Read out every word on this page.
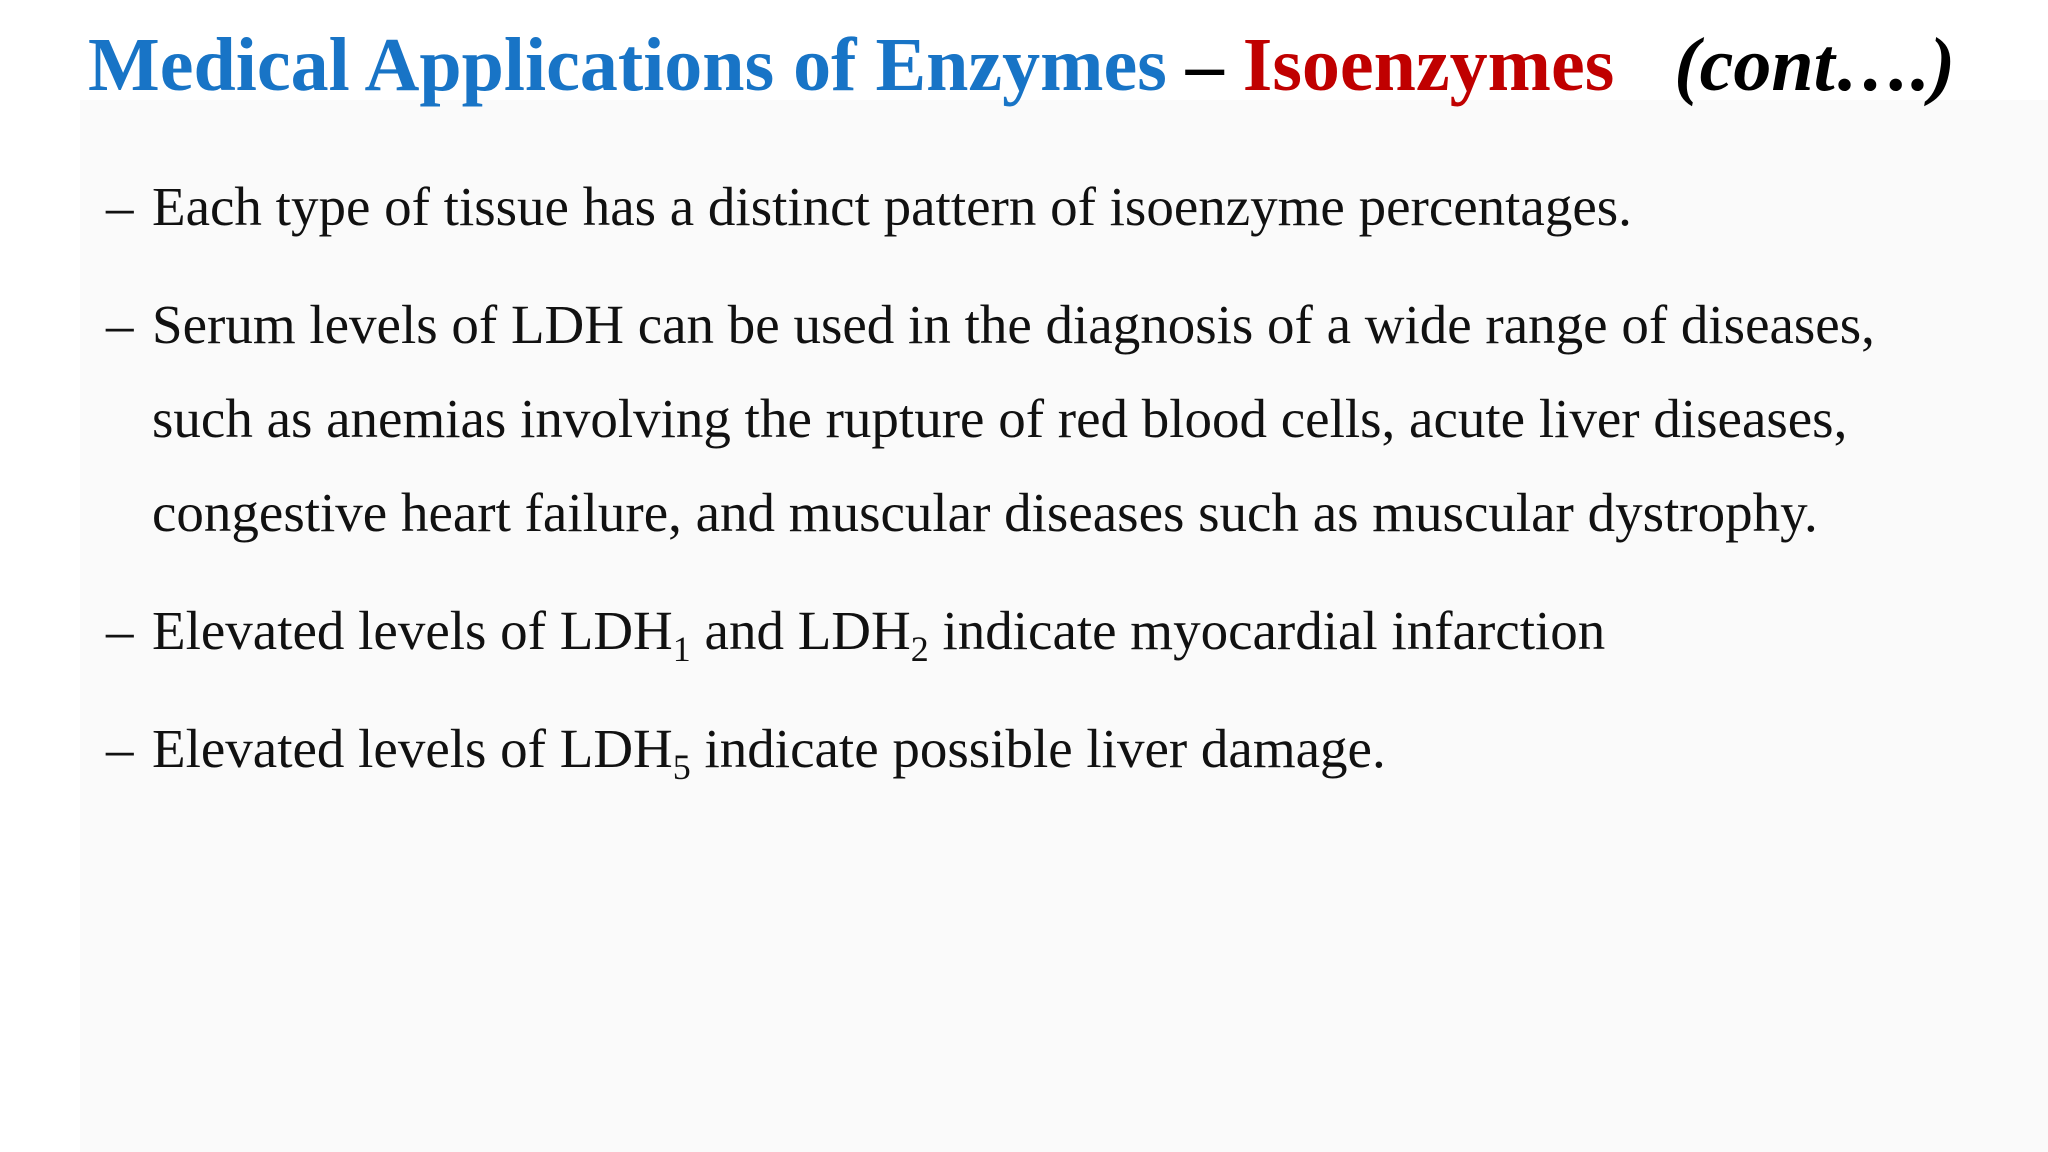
Medical Applications of Enzymes – Isoenzymes (cont….)
– Each type of tissue has a distinct pattern of isoenzyme percentages.
– Serum levels of LDH can be used in the diagnosis of a wide range of diseases, such as anemias involving the rupture of red blood cells, acute liver diseases, congestive heart failure, and muscular diseases such as muscular dystrophy.
– Elevated levels of $LDH_1$ and $LDH_2$ indicate myocardial infarction
– Elevated levels of $LDH_5$ indicate possible liver damage.
